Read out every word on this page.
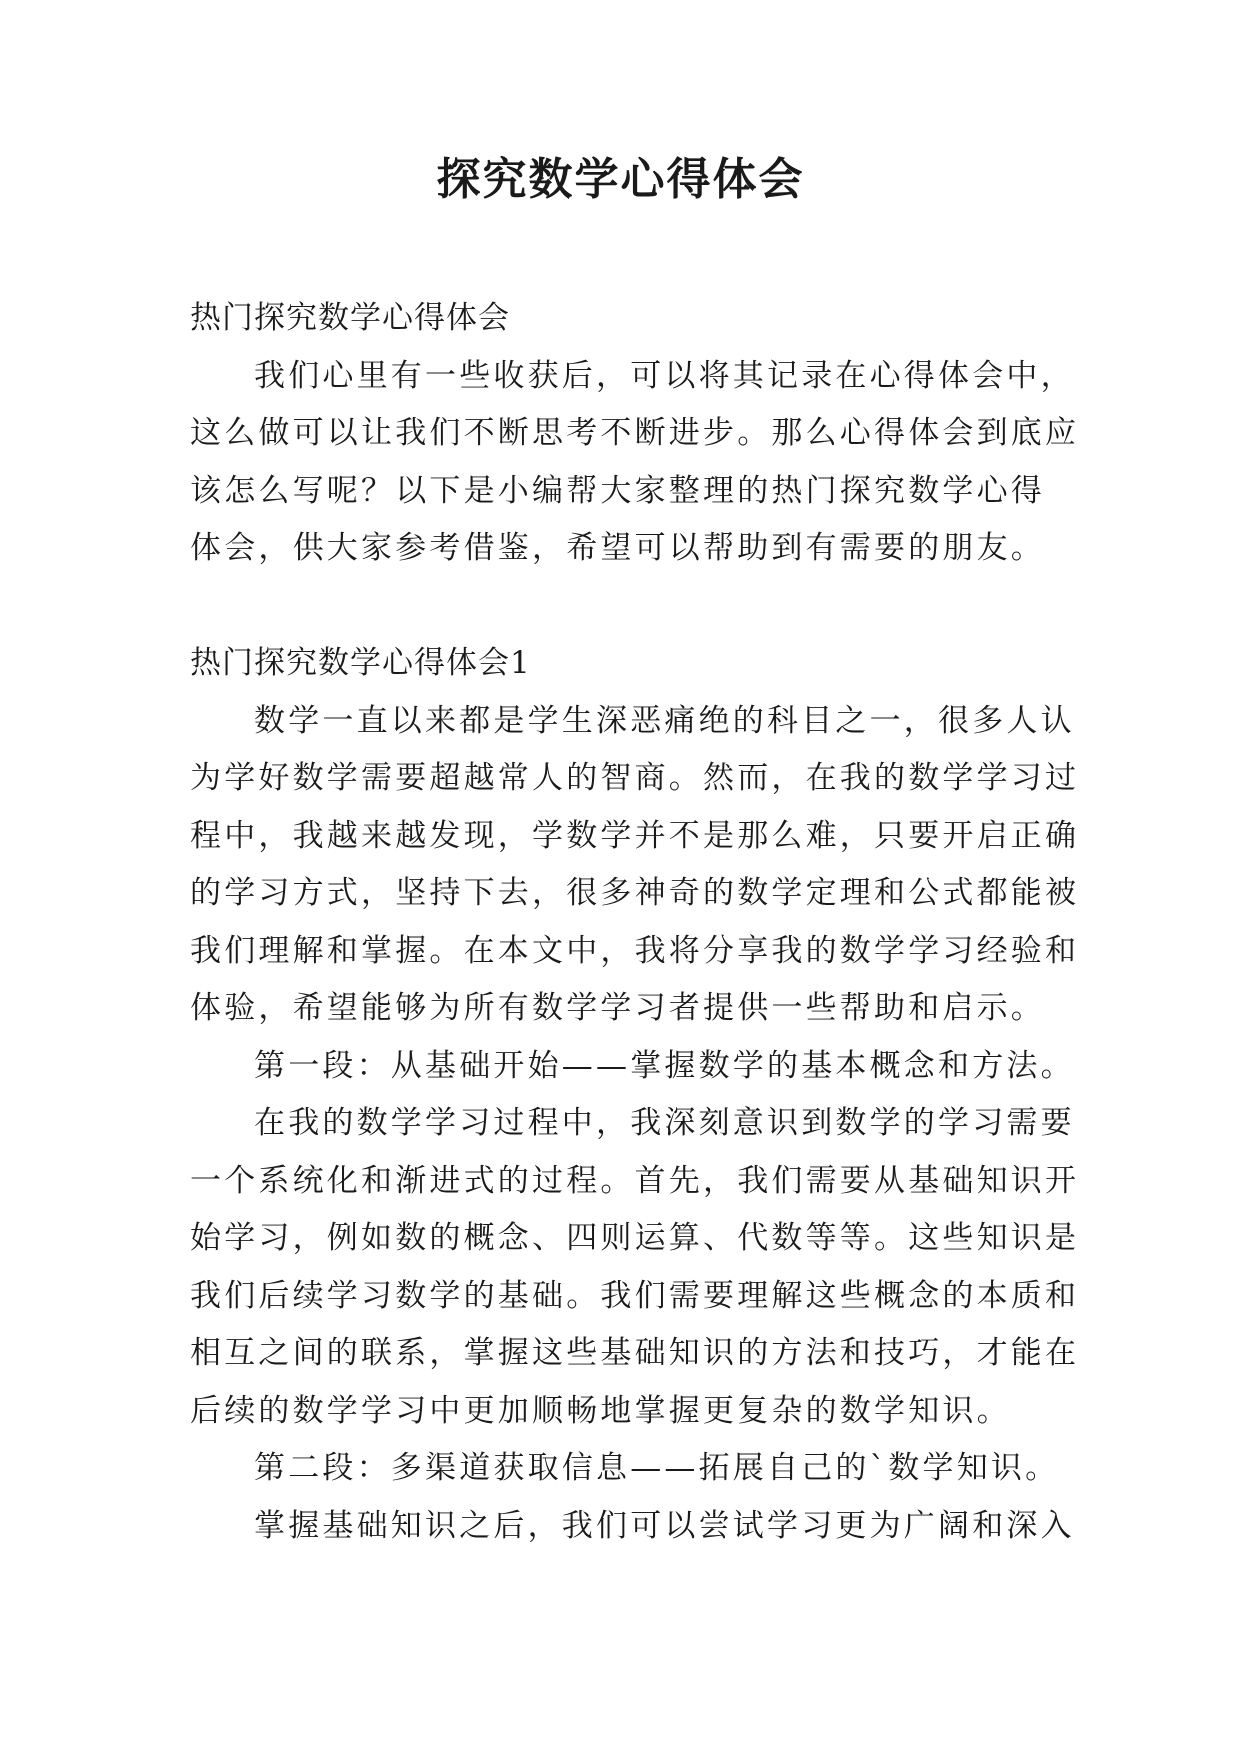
探究数学心得体会
热门探究数学心得体会
我们心里有一些收获后，可以将其记录在心得体会中，
这么做可以让我们不断思考不断进步。那么心得体会到底应
该怎么写呢？以下是小编帮大家整理的热门探究数学心得
体会，供大家参考借鉴，希望可以帮助到有需要的朋友。
热门探究数学心得体会1
数学一直以来都是学生深恶痛绝的科目之一，很多人认
为学好数学需要超越常人的智商。然而，在我的数学学习过
程中，我越来越发现，学数学并不是那么难，只要开启正确
的学习方式，坚持下去，很多神奇的数学定理和公式都能被
我们理解和掌握。在本文中，我将分享我的数学学习经验和
体验，希望能够为所有数学学习者提供一些帮助和启示。
第一段：从基础开始——掌握数学的基本概念和方法。
在我的数学学习过程中，我深刻意识到数学的学习需要
一个系统化和渐进式的过程。首先，我们需要从基础知识开
始学习，例如数的概念、四则运算、代数等等。这些知识是
我们后续学习数学的基础。我们需要理解这些概念的本质和
相互之间的联系，掌握这些基础知识的方法和技巧，才能在
后续的数学学习中更加顺畅地掌握更复杂的数学知识。
第二段：多渠道获取信息——拓展自己的`数学知识。
掌握基础知识之后，我们可以尝试学习更为广阔和深入
